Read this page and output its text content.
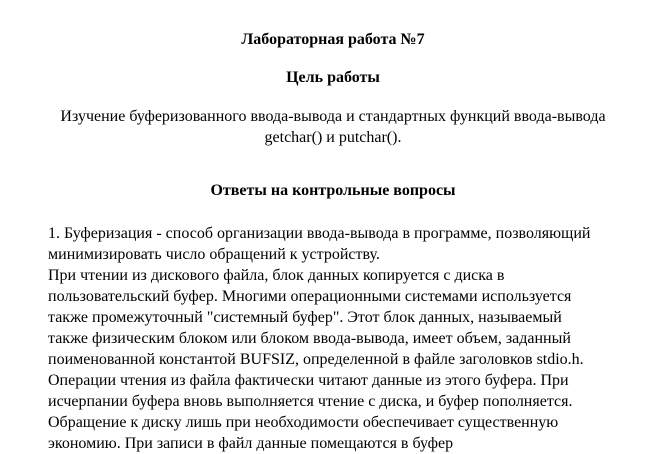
Лабораторная работа №7
Цель работы
Изучение буферизованного ввода-вывода и стандартных функций ввода-вывода
getchar() и putchar().
Ответы на контрольные вопросы
1. Буферизация - способ организации ввода-вывода в программе, позволяющий
минимизировать число обращений к устройству.
При чтении из дискового файла, блок данных копируется с диска в
пользовательский буфер. Многими операционными системами используется
также промежуточный "системный буфер". Этот блок данных, называемый
также физическим блоком или блоком ввода-вывода, имеет объем, заданный
поименованной константой BUFSIZ, определенной в файле заголовков stdio.h.
Операции чтения из файла фактически читают данные из этого буфера. При
исчерпании буфера вновь выполняется чтение с диска, и буфер пополняется.
Обращение к диску лишь при необходимости обеспечивает существенную
экономию. При записи в файл данные помещаются в буфер
